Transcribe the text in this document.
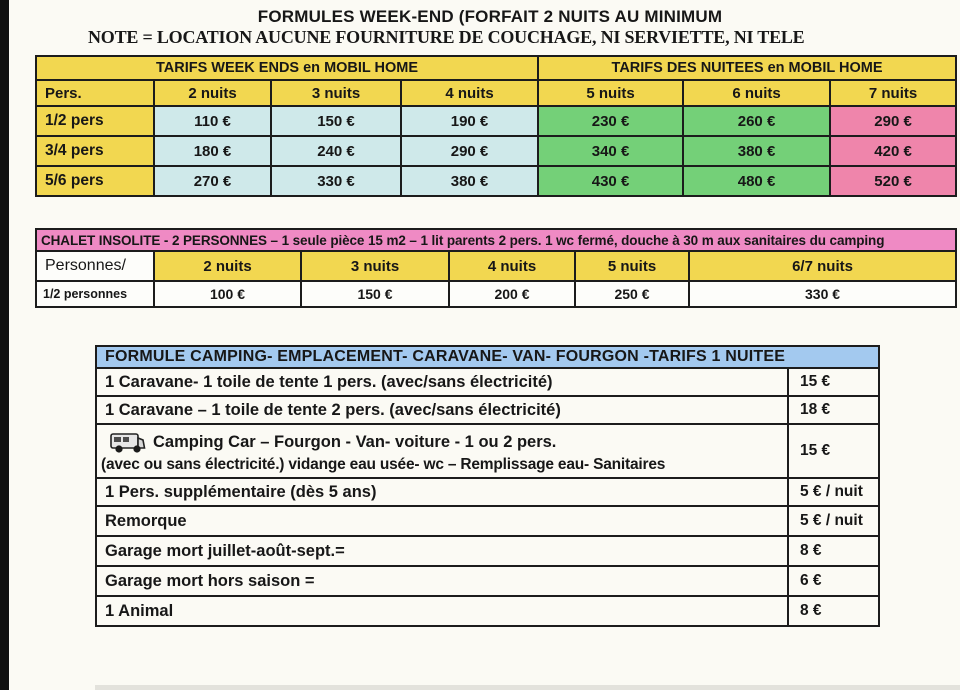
FORMULES WEEK-END (FORFAIT 2 NUITS AU MINIMUM
NOTE = LOCATION AUCUNE FOURNITURE DE COUCHAGE, NI SERVIETTE, NI TELE
TARIFS WEEK ENDS en MOBIL HOME				TARIFS DES NUITEES en MOBIL HOME		
Pers.	2 nuits	3 nuits	4 nuits	5 nuits	6 nuits	7 nuits
1/2 pers	110 €	150 €	190 €	230 €	260 €	290 €
3/4 pers	180 €	240 €	290 €	340 €	380 €	420 €
5/6 pers	270 €	330 €	380 €	430 €	480 €	520 €
CHALET INSOLITE - 2 PERSONNES – 1 seule pièce 15 m2 – 1 lit parents 2 pers. 1 wc fermé, douche à 30 m aux sanitaires du camping					
Personnes/	2 nuits	3 nuits	4 nuits	5 nuits	6/7 nuits
1/2 personnes	100 €	150 €	200 €	250 €	330 €
FORMULE CAMPING- EMPLACEMENT- CARAVANE- VAN- FOURGON -TARIFS 1 NUITEE	
1 Caravane- 1 toile de tente 1 pers. (avec/sans électricité)	15 €
1 Caravane – 1 toile de tente 2 pers. (avec/sans électricité)	18 €

Camping Car – Fourgon - Van- voiture - 1 ou 2 pers.
(avec ou sans électricité.) vidange eau usée- wc – Remplissage eau- Sanitaires	15 €
1 Pers. supplémentaire (dès 5 ans)	5 € / nuit
Remorque	5 € / nuit
Garage mort juillet-août-sept.=	8 €
Garage mort hors saison =	6 €
1 Animal	8 €
